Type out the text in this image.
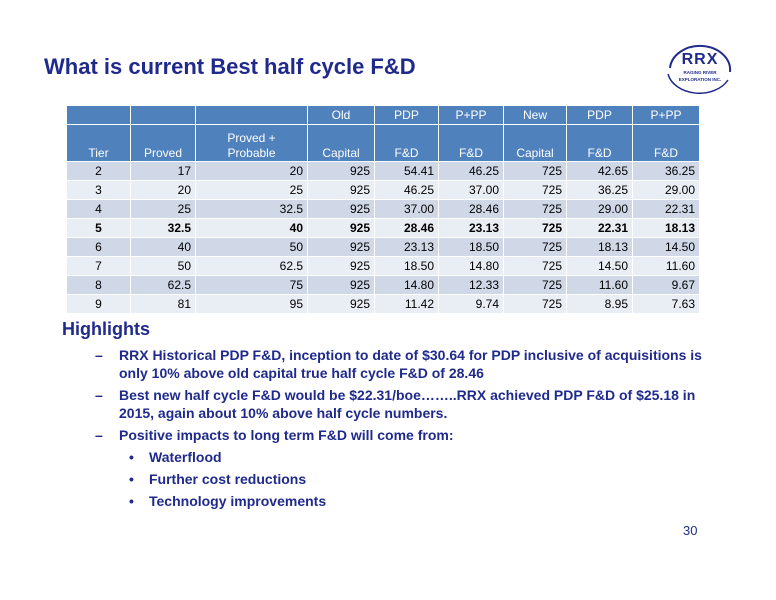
What is current Best half cycle F&D	RRX
RAGING RIVER
EXPLORATION INC.
			Old	PDP	P+PP	New	PDP	P+PP
Tier	Proved	Proved +
Probable	Capital	F&D	F&D	Capital	F&D	F&D
2	17	20	925	54.41	46.25	725	42.65	36.25
3	20	25	925	46.25	37.00	725	36.25	29.00
4	25	32.5	925	37.00	28.46	725	29.00	22.31
5	32.5	40	925	28.46	23.13	725	22.31	18.13
6	40	50	925	23.13	18.50	725	18.13	14.50
7	50	62.5	925	18.50	14.80	725	14.50	11.60
8	62.5	75	925	14.80	12.33	725	11.60	9.67
9	81	95	925	11.42	9.74	725	8.95	7.63
Highlights
– RRX Historical PDP F&D, inception to date of $30.64 for PDP inclusive of acquisitions is only 10% above old capital true half cycle F&D of 28.46
– Best new half cycle F&D would be $22.31/boe……..RRX achieved PDP F&D of $25.18 in 2015, again about 10% above half cycle numbers.
– Positive impacts to long term F&D will come from:
• Waterflood
• Further cost reductions
• Technology improvements
30
